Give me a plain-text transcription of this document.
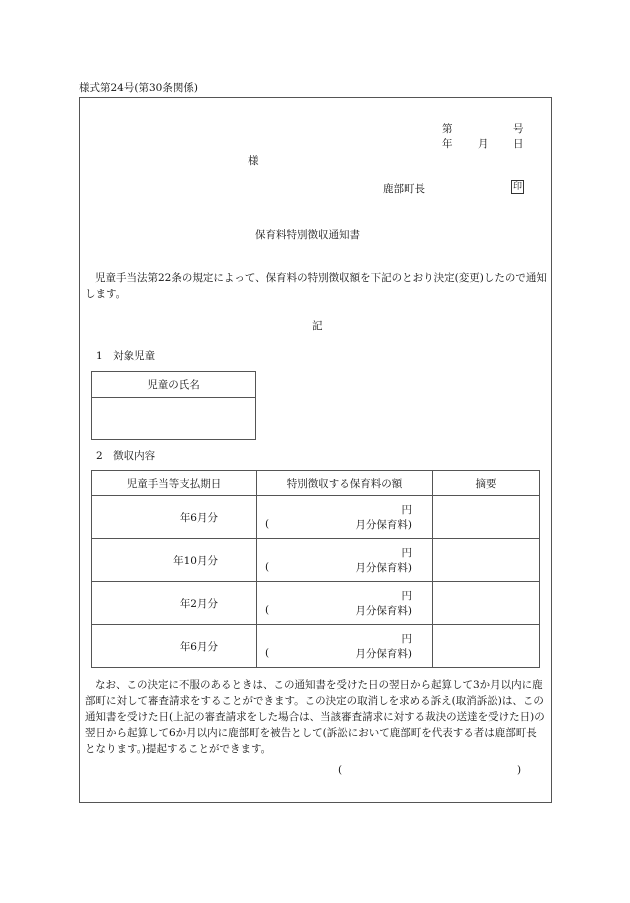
様式第24号(第30条関係)
第	号
年 月 日
様
鹿部町長	印
保育料特別徴収通知書
児童手当法第22条の規定によって、保育料の特別徴収額を下記のとおり決定(変更)したので通知します。
記
1　対象児童
児童の氏名

2　徴収内容
児童手当等支払期日	特別徴収する保育料の額	摘要
年6月分	円
( 月分保育料)	

年10月分	円
( 月分保育料)	

年2月分	円
( 月分保育料)	

年6月分	円
( 月分保育料)	

なお、この決定に不服のあるときは、この通知書を受けた日の翌日から起算して3か月以内に鹿部町に対して審査請求をすることができます。この決定の取消しを求める訴え(取消訴訟)は、この通知書を受けた日(上記の審査請求をした場合は、当該審査請求に対する裁決の送達を受けた日)の翌日から起算して6か月以内に鹿部町を被告として(訴訟において鹿部町を代表する者は鹿部町長となります。)提起することができます。
(	)
